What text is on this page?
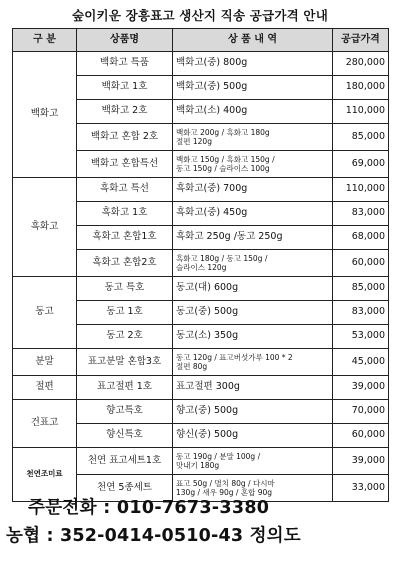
숲이키운 장흥표고 생산지 직송 공급가격 안내
구 분	상품명	상 품 내 역	공급가격
백화고	백화고 특품	백화고(중) 800g	280,000
	백화고 1호	백화고(중) 500g	180,000
	백화고 2호	백화고(소) 400g	110,000
	백화고 혼합 2호	백화고 200g / 흑화고 180g
절편 120g	85,000
	백화고 혼합특선	백화고 150g / 흑화고 150g /
동고 150g / 슬라이스 100g	69,000
흑화고	흑화고 특선	흑화고(중) 700g	110,000
	흑화고 1호	흑화고(중) 450g	83,000
	흑화고 혼합1호	흑화고 250g /동고 250g	68,000
	흑화고 혼합2호	흑화고 180g / 동고 150g /
슬라이스 120g	60,000
동고	동고 특호	동고(대) 600g	85,000
	동고 1호	동고(중) 500g	83,000
	동고 2호	동고(소) 350g	53,000
분말	표고분말 혼합3호	동고 120g / 표고버섯가루 100 * 2
절편 80g	45,000
절편	표고절편 1호	표고절편 300g	39,000
건표고	향고특호	향고(중) 500g	70,000
	향신특호	향신(중) 500g	60,000
천연조미료	천연 표고세트1호	동고 190g / 분말 100g /
맛내기 180g	39,000
	천연 5종세트	표고 50g / 멸치 80g / 다시마
130g / 새우 90g / 혼합 90g	33,000
주문전화 : 010-7673-3380
농협 : 352-0414-0510-43 정의도
